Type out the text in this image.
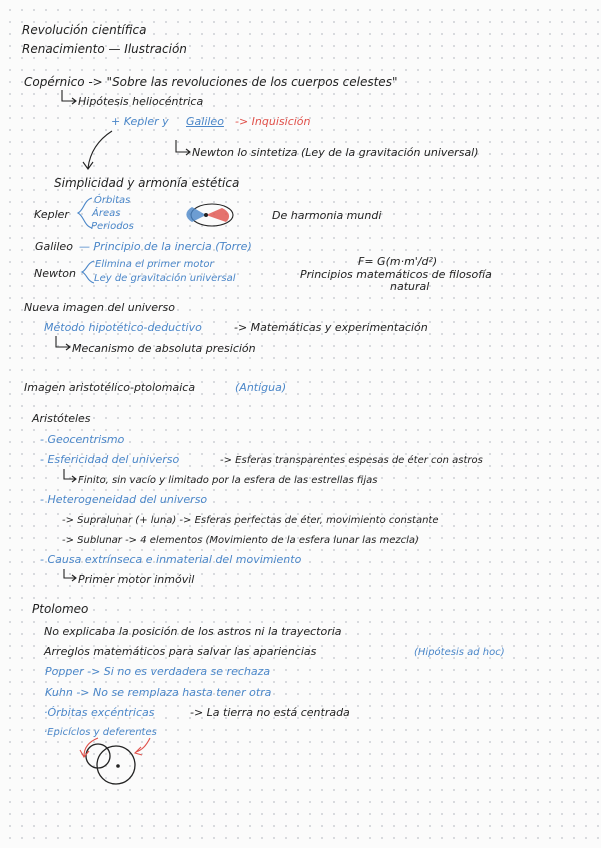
Revolución científica
Renacimiento — Ilustración
Copérnico -> "Sobre las revoluciones de los cuerpos celestes"
Hipótesis heliocéntrica
+ Kepler y Galileo -> Inquisición
Newton lo sintetiza (Ley de la gravitación universal)
Simplicidad y armonía estética
Kepler
Órbitas
Áreas
Periodos
De harmonia mundi
Galileo — Principio de la inercia (Torre)
Newton
Elimina el primer motor
Ley de gravitación universal
F= G(m·m'/d²)
Principios matemáticos de filosofía
natural
Nueva imagen del universo
Método hipotético-deductivo	-> Matemáticas y experimentación
Mecanismo de absoluta presición
Imagen aristotélico-ptolomaica	(Antigua)
Aristóteles
- Geocentrismo
- Esfericidad del universo	-> Esferas transparentes espesas de éter con astros
Finito, sin vacío y limitado por la esfera de las estrellas fijas
- Heterogeneidad del universo
-> Supralunar (+ luna) -> Esferas perfectas de éter, movimiento constante
-> Sublunar -> 4 elementos (Movimiento de la esfera lunar las mezcla)
- Causa extrínseca e inmaterial del movimiento
Primer motor inmóvil
Ptolomeo
No explicaba la posición de los astros ni la trayectoria
Arreglos matemáticos para salvar las apariencias	(Hipótesis ad hoc)
Popper -> Si no es verdadera se rechaza
Kuhn -> No se remplaza hasta tener otra
·Órbitas excéntricas	-> La tierra no está centrada
·Epicíclos y deferentes
